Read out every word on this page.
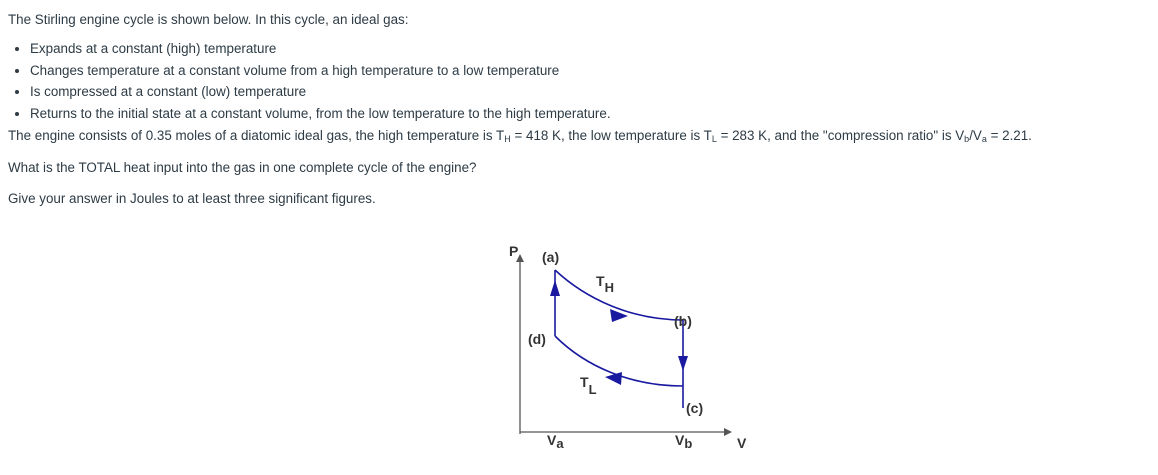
The Stirling engine cycle is shown below. In this cycle, an ideal gas:

• Expands at a constant (high) temperature
• Changes temperature at a constant volume from a high temperature to a low temperature
• Is compressed at a constant (low) temperature
• Returns to the initial state at a constant volume, from the low temperature to the high temperature.

The engine consists of 0.35 moles of a diatomic ideal gas, the high temperature is $T_H = 418$ K, the low temperature is $T_L = 283$ K, and the "compression ratio" is $V_b/V_a = 2.21$.

What is the TOTAL heat input into the gas in one complete cycle of the engine?

Give your answer in Joules to at least three significant figures.

P
V
(a)
(b)
(c)
(d)
TH
TL
Va	Vb
